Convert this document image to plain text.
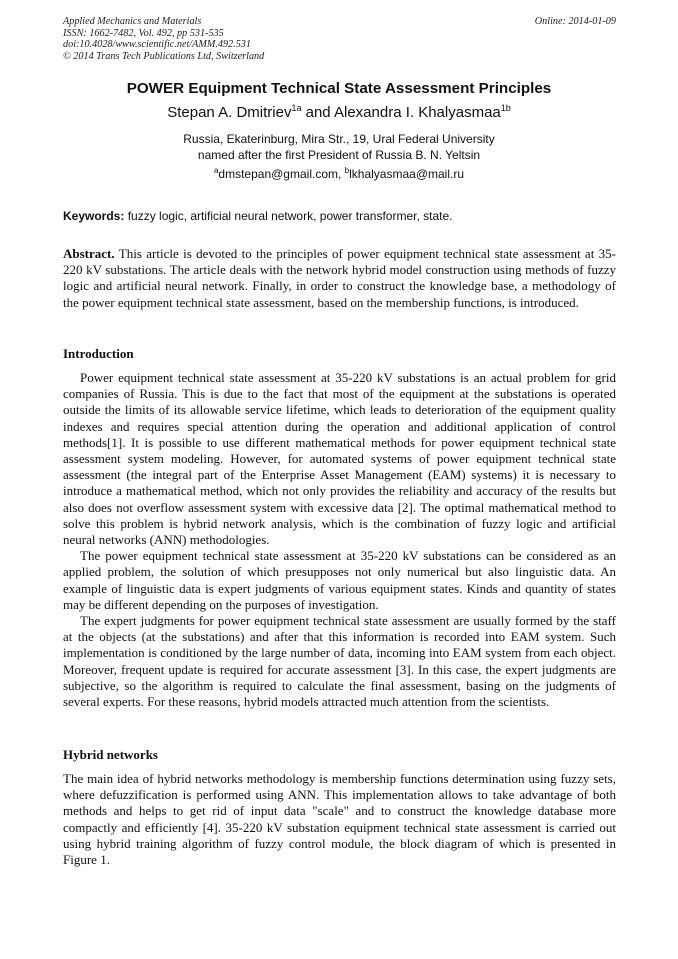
Applied Mechanics and Materials
ISSN: 1662-7482, Vol. 492, pp 531-535
doi:10.4028/www.scientific.net/AMM.492.531
© 2014 Trans Tech Publications Ltd, Switzerland
Online: 2014-01-09
POWER Equipment Technical State Assessment Principles
Stepan A. Dmitriev$^{1a}$ and Alexandra I. Khalyasmaa$^{1b}$
Russia, Ekaterinburg, Mira Str., 19, Ural Federal University
named after the first President of Russia B. N. Yeltsin
$^a$dmstepan@gmail.com, $^b$lkhalyasmaa@mail.ru
Keywords: fuzzy logic, artificial neural network, power transformer, state.

Abstract. This article is devoted to the principles of power equipment technical state assessment at 35-220 kV substations. The article deals with the network hybrid model construction using methods of fuzzy logic and artificial neural network. Finally, in order to construct the knowledge base, a methodology of the power equipment technical state assessment, based on the membership functions, is introduced.

Introduction

Power equipment technical state assessment at 35-220 kV substations is an actual problem for grid companies of Russia. This is due to the fact that most of the equipment at the substations is operated outside the limits of its allowable service lifetime, which leads to deterioration of the equipment quality indexes and requires special attention during the operation and additional application of control methods[1]. It is possible to use different mathematical methods for power equipment technical state assessment system modeling. However, for automated systems of power equipment technical state assessment (the integral part of the Enterprise Asset Management (EAM) systems) it is necessary to introduce a mathematical method, which not only provides the reliability and accuracy of the results but also does not overflow assessment system with excessive data [2]. The optimal mathematical method to solve this problem is hybrid network analysis, which is the combination of fuzzy logic and artificial neural networks (ANN) methodologies.

The power equipment technical state assessment at 35-220 kV substations can be considered as an applied problem, the solution of which presupposes not only numerical but also linguistic data. An example of linguistic data is expert judgments of various equipment states. Kinds and quantity of states may be different depending on the purposes of investigation.

The expert judgments for power equipment technical state assessment are usually formed by the staff at the objects (at the substations) and after that this information is recorded into EAM system. Such implementation is conditioned by the large number of data, incoming into EAM system from each object. Moreover, frequent update is required for accurate assessment [3]. In this case, the expert judgments are subjective, so the algorithm is required to calculate the final assessment, basing on the judgments of several experts. For these reasons, hybrid models attracted much attention from the scientists.

Hybrid networks

The main idea of hybrid networks methodology is membership functions determination using fuzzy sets, where defuzzification is performed using ANN. This implementation allows to take advantage of both methods and helps to get rid of input data "scale" and to construct the knowledge database more compactly and efficiently [4]. 35-220 kV substation equipment technical state assessment is carried out using hybrid training algorithm of fuzzy control module, the block diagram of which is presented in Figure 1.
